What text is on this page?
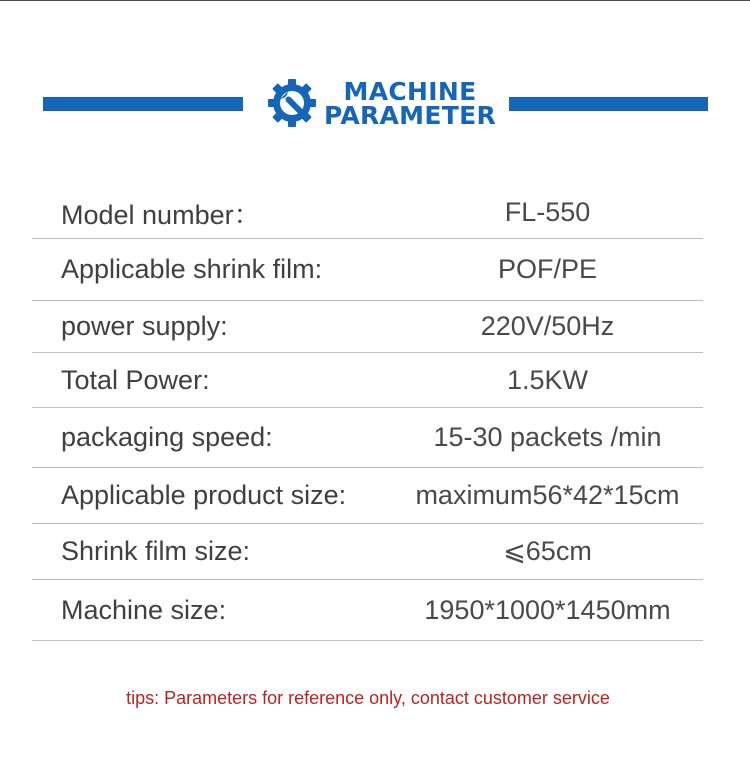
MACHINE
PARAMETER
Model number：	FL-550
Applicable shrink film:	POF/PE
power supply:	220V/50Hz
Total Power:	1.5KW
packaging speed:	15-30 packets /min
Applicable product size:	maximum56*42*15cm
Shrink film size:	⩽65cm
Machine size:	1950*1000*1450mm
tips: Parameters for reference only, contact customer service
